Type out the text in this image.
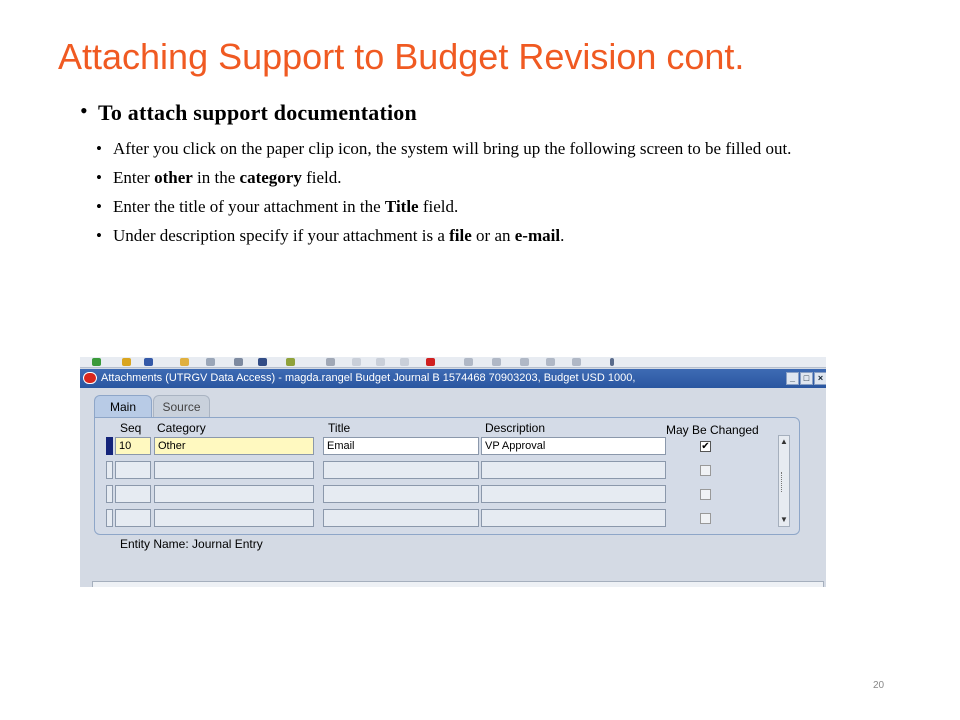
Attaching Support to Budget Revision cont.
• To attach support documentation
• After you click on the paper clip icon, the system will bring up the following screen to be filled out.
• Enter other in the category field.
• Enter the title of your attachment in the Title field.
• Under description specify if your attachment is a file or an e-mail.
Attachments (UTRGV Data Access) - magda.rangel Budget Journal B 1574468 70903203, Budget USD 1000,	_ □ ×
Main	Source
Seq Category	Title	Description	May Be Changed
10	Other	Email	VP Approval	✔	▲
▼
Entity Name: Journal Entry
20
